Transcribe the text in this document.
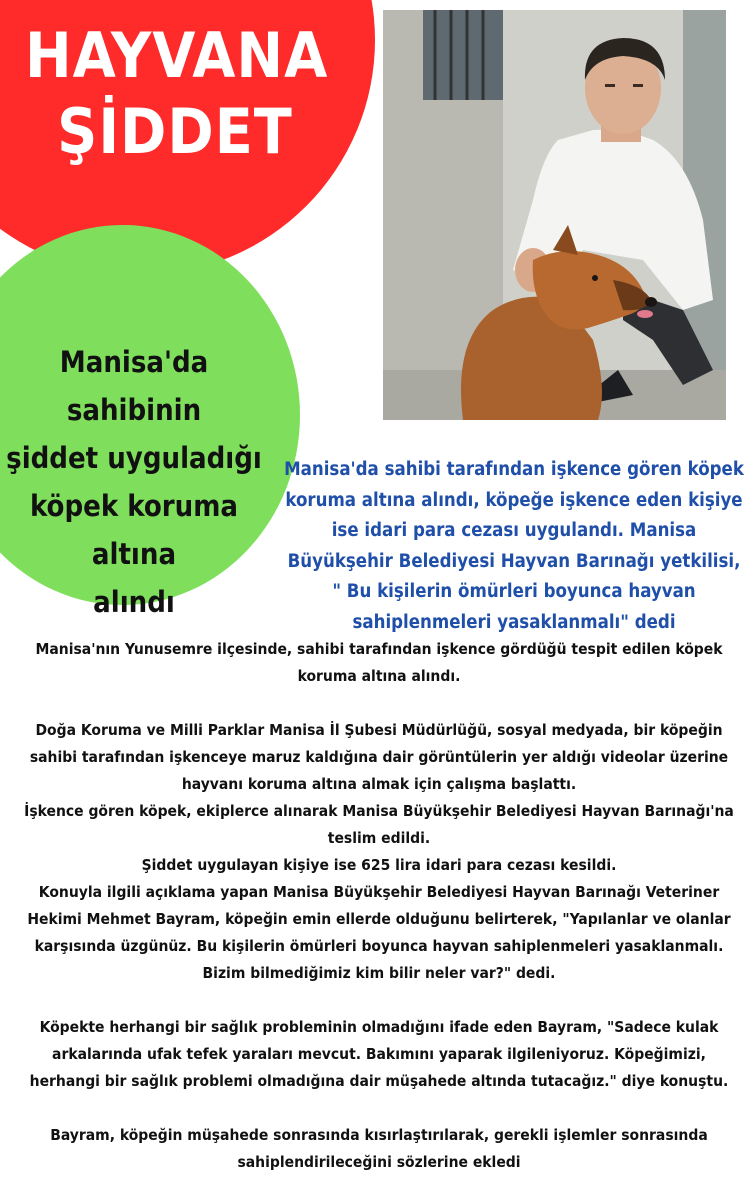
HAYVANA
ŞİDDET
Manisa'da sahibinin
şiddet uyguladığı
köpek koruma altına
alındı
Manisa'da sahibi tarafından işkence gören köpek koruma altına alındı, köpeğe işkence eden kişiye ise idari para cezası uygulandı. Manisa Büyükşehir Belediyesi Hayvan Barınağı yetkilisi, " Bu kişilerin ömürleri boyunca hayvan sahiplenmeleri yasaklanmalı" dedi

Manisa'nın Yunusemre ilçesinde, sahibi tarafından işkence gördüğü tespit edilen köpek koruma altına alındı.

Doğa Koruma ve Milli Parklar Manisa İl Şubesi Müdürlüğü, sosyal medyada, bir köpeğin sahibi tarafından işkenceye maruz kaldığına dair görüntülerin yer aldığı videolar üzerine hayvanı koruma altına almak için çalışma başlattı.

İşkence gören köpek, ekiplerce alınarak Manisa Büyükşehir Belediyesi Hayvan Barınağı'na teslim edildi.

Şiddet uygulayan kişiye ise 625 lira idari para cezası kesildi.

Konuyla ilgili açıklama yapan Manisa Büyükşehir Belediyesi Hayvan Barınağı Veteriner Hekimi Mehmet Bayram, köpeğin emin ellerde olduğunu belirterek, "Yapılanlar ve olanlar karşısında üzgünüz. Bu kişilerin ömürleri boyunca hayvan sahiplenmeleri yasaklanmalı. Bizim bilmediğimiz kim bilir neler var?" dedi.

Köpekte herhangi bir sağlık probleminin olmadığını ifade eden Bayram, "Sadece kulak arkalarında ufak tefek yaraları mevcut. Bakımını yaparak ilgileniyoruz. Köpeğimizi, herhangi bir sağlık problemi olmadığına dair müşahede altında tutacağız." diye konuştu.

Bayram, köpeğin müşahede sonrasında kısırlaştırılarak, gerekli işlemler sonrasında sahiplendirileceğini sözlerine ekledi
